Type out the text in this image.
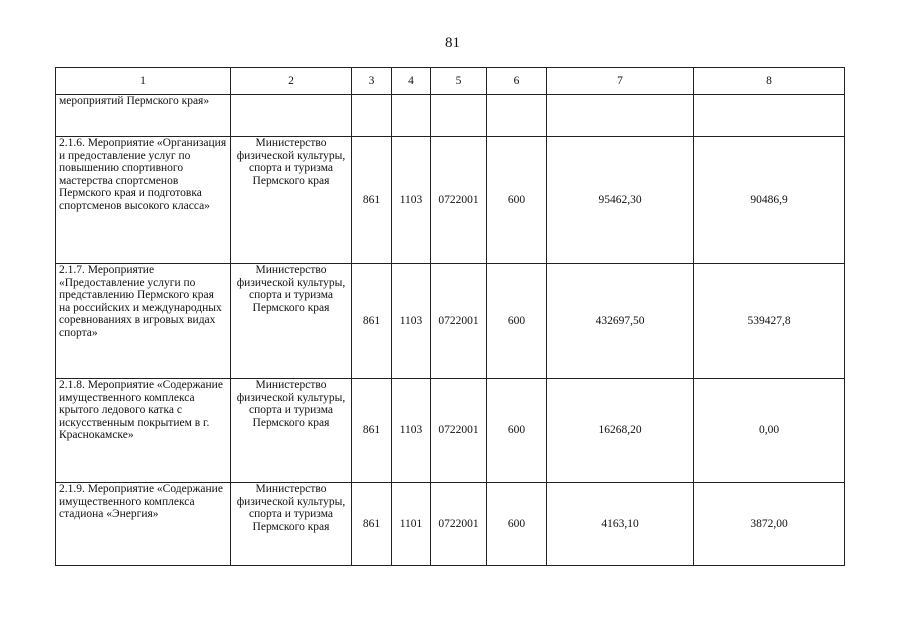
81
1	2	3	4	5	6	7	8
мероприятий Пермского края»							
2.1.6. Мероприятие «Организация и предоставление услуг по повышению спортивного мастерства спортсменов Пермского края и подготовка спортсменов высокого класса»	Министерство физической культуры, спорта и туризма Пермского края	861	1103	0722001	600	95462,30	90486,9
2.1.7. Мероприятие «Предоставление услуги по представлению Пермского края на российских и международных соревнованиях в игровых видах спорта»	Министерство физической культуры, спорта и туризма Пермского края	861	1103	0722001	600	432697,50	539427,8
2.1.8. Мероприятие «Содержание имущественного комплекса крытого ледового катка с искусственным покрытием в г. Краснокамске»	Министерство физической культуры, спорта и туризма Пермского края	861	1103	0722001	600	16268,20	0,00
2.1.9. Мероприятие «Содержание имущественного комплекса стадиона «Энергия»	Министерство физической культуры, спорта и туризма Пермского края	861	1101	0722001	600	4163,10	3872,00
